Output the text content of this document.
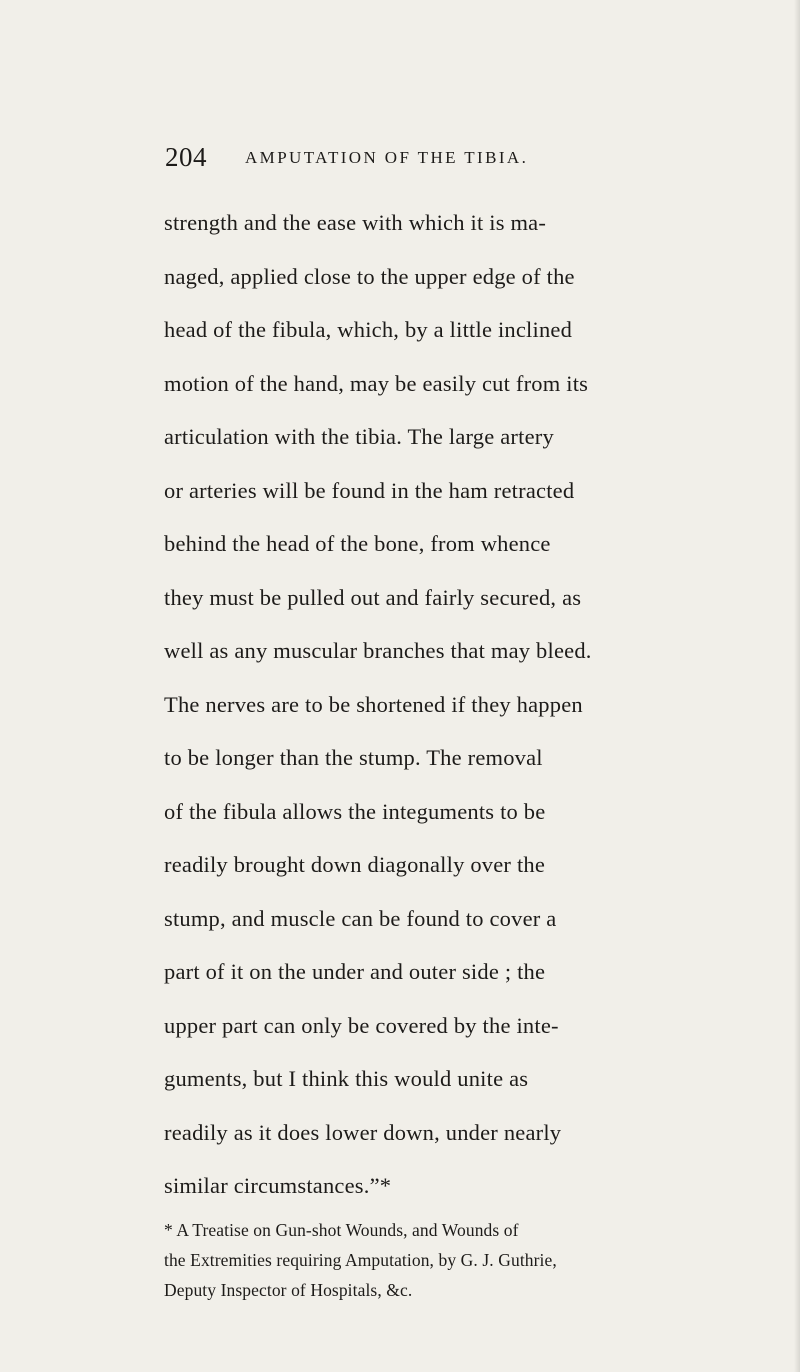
204 AMPUTATION OF THE TIBIA.
strength and the ease with which it is ma-
naged, applied close to the upper edge of the
head of the fibula, which, by a little inclined
motion of the hand, may be easily cut from its
articulation with the tibia. The large artery
or arteries will be found in the ham retracted
behind the head of the bone, from whence
they must be pulled out and fairly secured, as
well as any muscular branches that may bleed.
The nerves are to be shortened if they happen
to be longer than the stump. The removal
of the fibula allows the integuments to be
readily brought down diagonally over the
stump, and muscle can be found to cover a
part of it on the under and outer side ; the
upper part can only be covered by the inte-
guments, but I think this would unite as
readily as it does lower down, under nearly
similar circumstances.”*
* A Treatise on Gun-shot Wounds, and Wounds of
the Extremities requiring Amputation, by G. J. Guthrie,
Deputy Inspector of Hospitals, &c.
